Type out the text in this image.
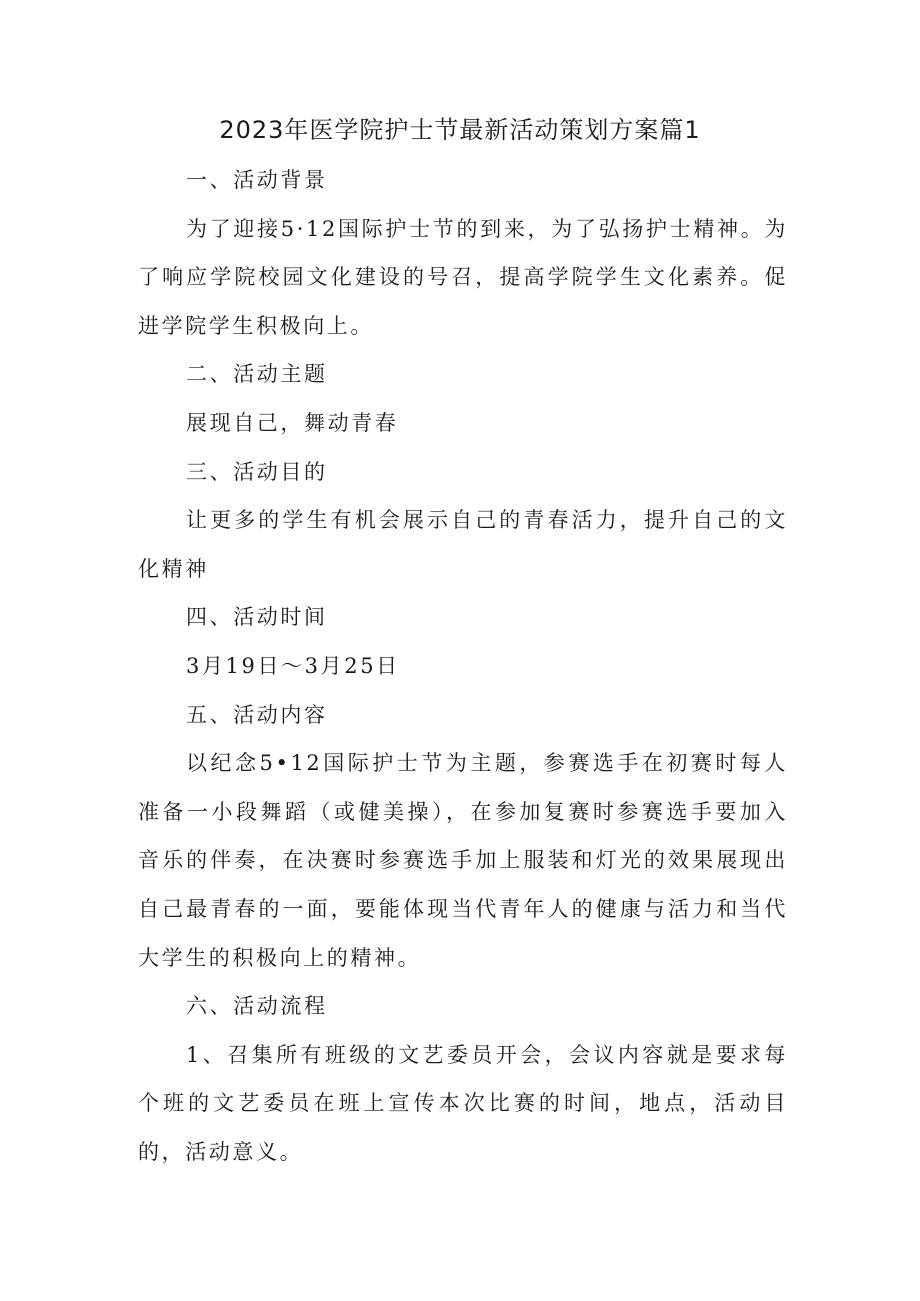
2023年医学院护士节最新活动策划方案篇1

一、活动背景

为了迎接5·12国际护士节的到来，为了弘扬护士精神。为了响应学院校园文化建设的号召，提高学院学生文化素养。促进学院学生积极向上。

二、活动主题

展现自己，舞动青春

三、活动目的

让更多的学生有机会展示自己的青春活力，提升自己的文化精神

四、活动时间

3月19日～3月25日

五、活动内容

以纪念5•12国际护士节为主题，参赛选手在初赛时每人准备一小段舞蹈（或健美操），在参加复赛时参赛选手要加入音乐的伴奏，在决赛时参赛选手加上服装和灯光的效果展现出自己最青春的一面，要能体现当代青年人的健康与活力和当代大学生的积极向上的精神。

六、活动流程

1、召集所有班级的文艺委员开会，会议内容就是要求每个班的文艺委员在班上宣传本次比赛的时间，地点，活动目的，活动意义。
